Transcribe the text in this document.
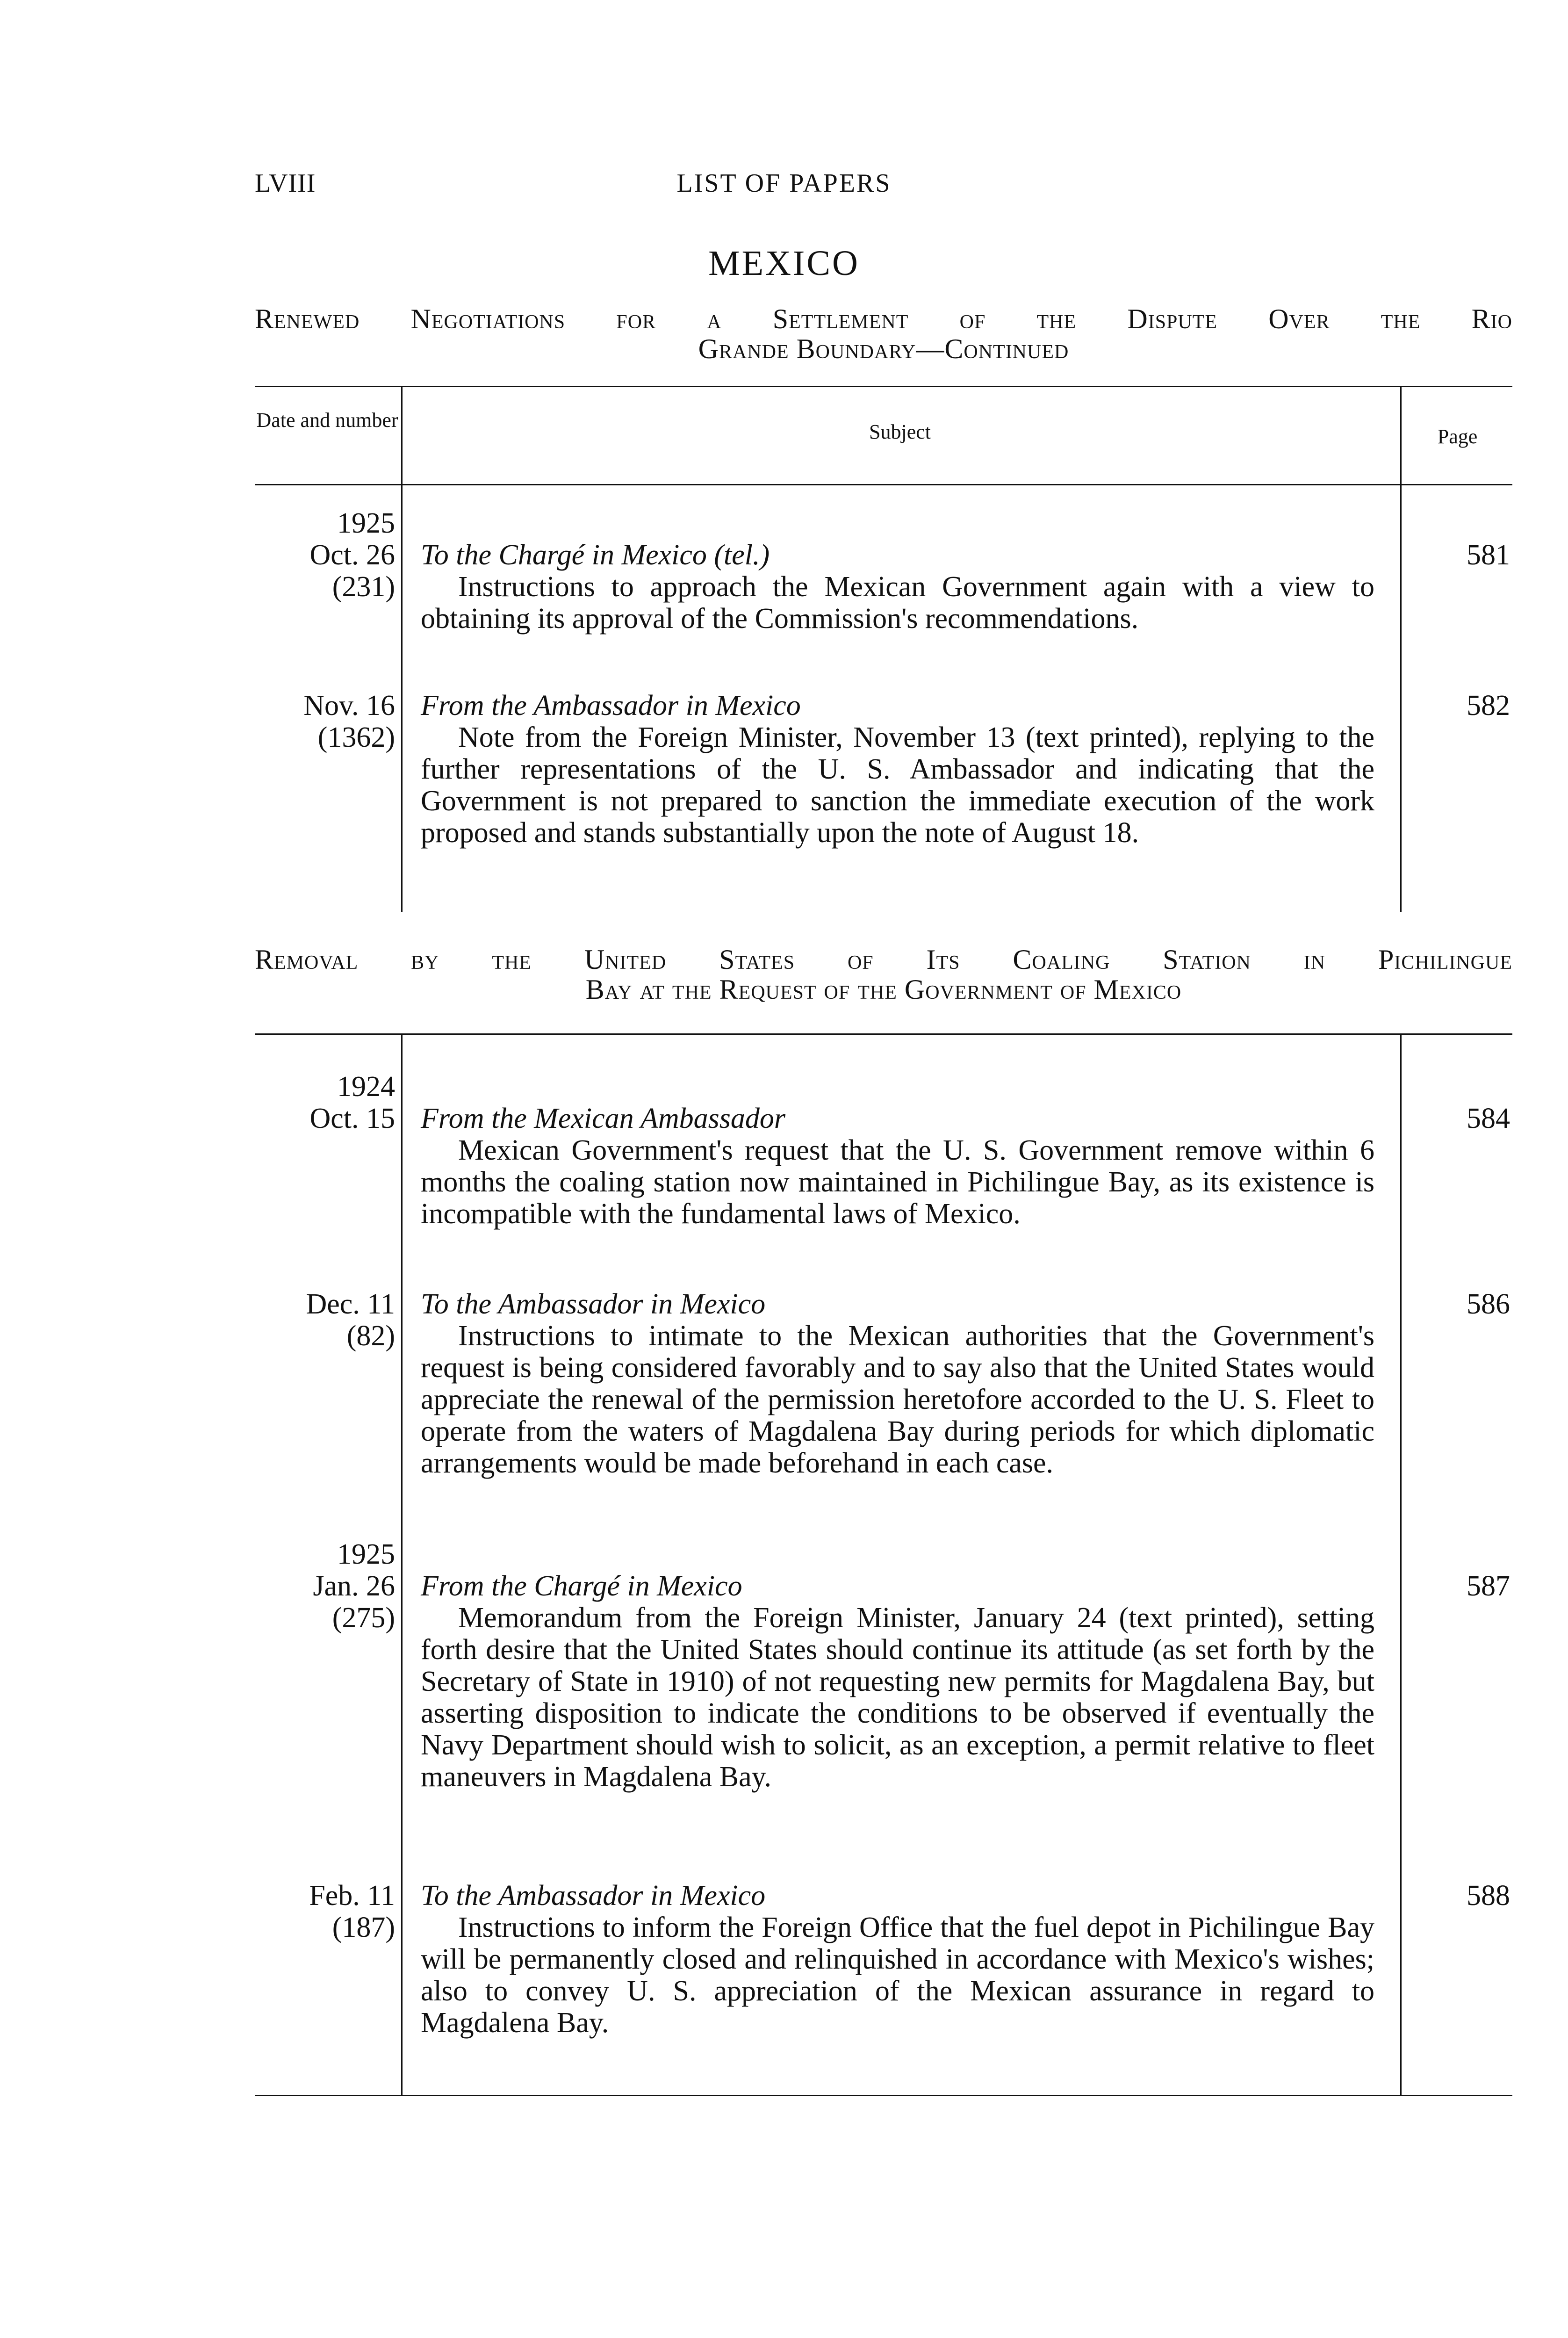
LVIII	LIST OF PAPERS
MEXICO
Renewed Negotiations for a Settlement of the Dispute Over the Rio
Grande Boundary—Continued
Date and number
Subject	Page
1925
Oct. 26
(231)
To the Chargé in Mexico (tel.)
Instructions to approach the Mexican Government again with a view to obtaining its approval of the Commission's recommendations.
581
Nov. 16
(1362)
From the Ambassador in Mexico
Note from the Foreign Minister, November 13 (text printed), replying to the further representations of the U. S. Ambassador and indicating that the Government is not prepared to sanction the immediate execution of the work proposed and stands substantially upon the note of August 18.
582
Removal by the United States of Its Coaling Station in Pichilingue
Bay at the Request of the Government of Mexico
1924
Oct. 15 From the Mexican Ambassador
Mexican Government's request that the U. S. Government remove within 6 months the coaling station now maintained in Pichilingue Bay, as its existence is incompatible with the fundamental laws of Mexico.
584
Dec. 11
(82)
To the Ambassador in Mexico
Instructions to intimate to the Mexican authorities that the Government's request is being considered favorably and to say also that the United States would appreciate the renewal of the permission heretofore accorded to the U. S. Fleet to operate from the waters of Magdalena Bay during periods for which diplomatic arrangements would be made beforehand in each case.
586
1925
Jan. 26
(275)
From the Chargé in Mexico
Memorandum from the Foreign Minister, January 24 (text printed), setting forth desire that the United States should continue its attitude (as set forth by the Secretary of State in 1910) of not requesting new permits for Magdalena Bay, but asserting disposition to indicate the conditions to be observed if eventually the Navy Department should wish to solicit, as an exception, a permit relative to fleet maneuvers in Magdalena Bay.
587
Feb. 11
(187)
To the Ambassador in Mexico
Instructions to inform the Foreign Office that the fuel depot in Pichilingue Bay will be permanently closed and relinquished in accordance with Mexico's wishes; also to convey U. S. appreciation of the Mexican assurance in regard to Magdalena Bay.
588
